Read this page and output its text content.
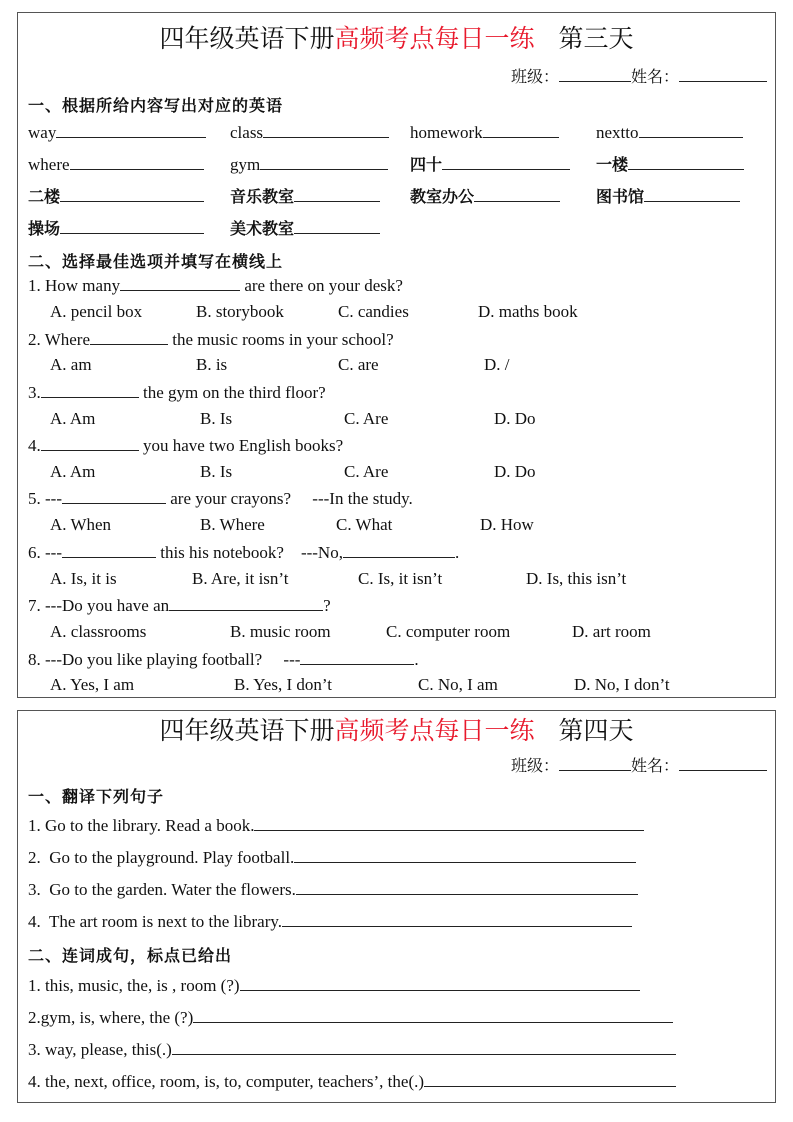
四年级英语下册高频考点每日一练 第三天
班级：	姓名：
一、根据所给内容写出对应的英语
way	class	homework	nextto
where	gym	四十	一楼
二楼	音乐教室	教室办公	图书馆
操场	美术教室
二、选择最佳选项并填写在横线上
1. How many	are there on your desk?
A. pencil box	B. storybook	C. candies	D. maths book
2. Where	the music rooms in your school?
A. am	B. is	C. are	D. /
3.	the gym on the third floor?
A. Am	B. Is	C. Are	D. Do
4.	you have two English books?
A. Am	B. Is	C. Are	D. Do
5. ---	are your crayons?     ---In the study.
A. When	B. Where	C. What	D. How
6. ---	this his notebook?    ---No,	.
A. Is, it is	B. Are, it isn’t	C. Is, it isn’t	D. Is, this isn’t
7. ---Do you have an	?
A. classrooms	B. music room	C. computer room	D. art room
8. ---Do you like playing football?     ---	.
A. Yes, I am	B. Yes, I don’t	C. No, I am	D. No, I don’t
四年级英语下册高频考点每日一练 第四天
班级：	姓名：
一、翻译下列句子
1. Go to the library. Read a book.
2.  Go to the playground. Play football.
3.  Go to the garden. Water the flowers.
4.  The art room is next to the library.
二、连词成句，标点已给出
1. this, music, the, is , room (?)
2.gym, is, where, the (?)
3. way, please, this(.)
4. the, next, office, room, is, to, computer, teachers’, the(.)
